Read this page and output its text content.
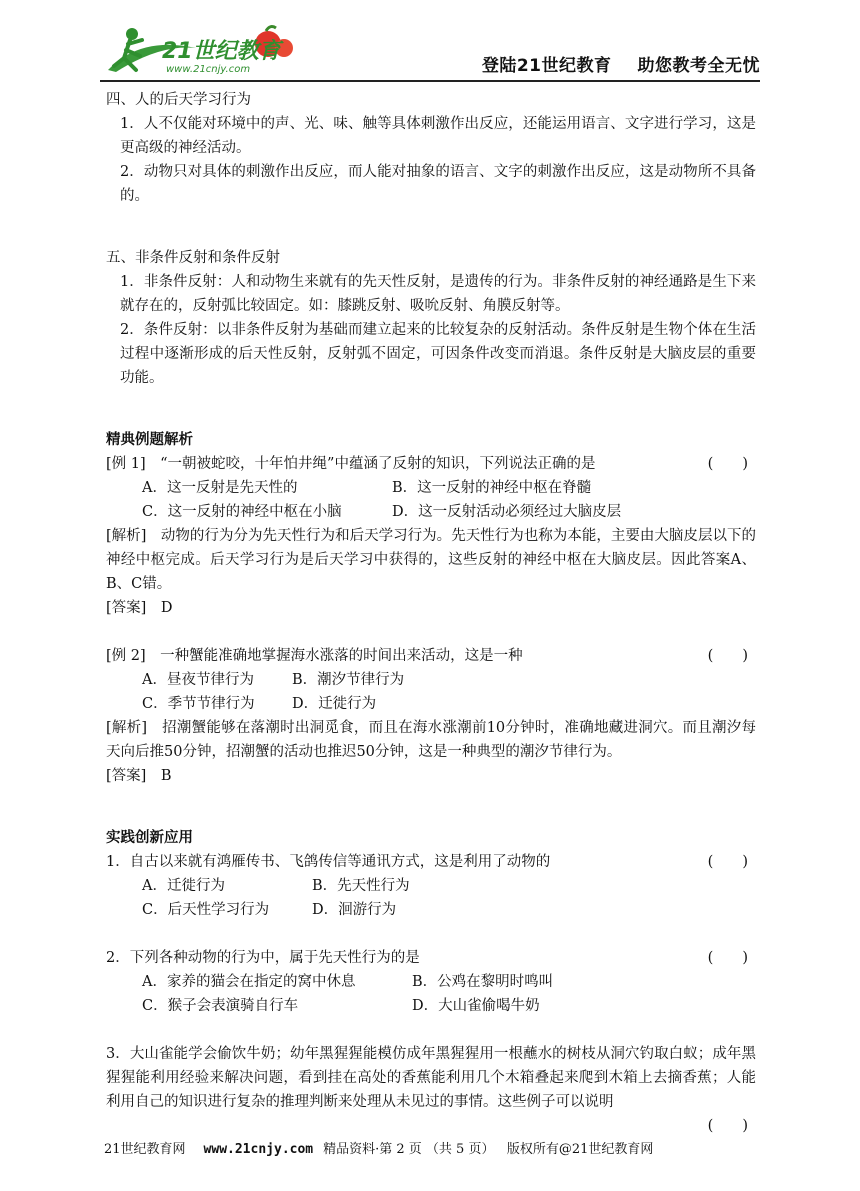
21世纪教育
www.21cnjy.com	登陆21世纪教育 助您教考全无忧
四、人的后天学习行为
1．人不仅能对环境中的声、光、味、触等具体刺激作出反应，还能运用语言、文字进行学习，这是更高级的神经活动。
2．动物只对具体的刺激作出反应，而人能对抽象的语言、文字的刺激作出反应，这是动物所不具备的。
五、非条件反射和条件反射
1．非条件反射：人和动物生来就有的先天性反射，是遗传的行为。非条件反射的神经通路是生下来就存在的，反射弧比较固定。如：膝跳反射、吸吮反射、角膜反射等。
2．条件反射：以非条件反射为基础而建立起来的比较复杂的反射活动。条件反射是生物个体在生活过程中逐渐形成的后天性反射，反射弧不固定，可因条件改变而消退。条件反射是大脑皮层的重要功能。
精典例题解析
[例 1]　“一朝被蛇咬，十年怕井绳”中蕴涵了反射的知识，下列说法正确的是	(　　)
A．这一反射是先天性的	B．这一反射的神经中枢在脊髓
C．这一反射的神经中枢在小脑	D．这一反射活动必须经过大脑皮层
[解析]　动物的行为分为先天性行为和后天学习行为。先天性行为也称为本能，主要由大脑皮层以下的神经中枢完成。后天学习行为是后天学习中获得的，这些反射的神经中枢在大脑皮层。因此答案A、B、C错。
[答案]　D
[例 2]　一种蟹能准确地掌握海水涨落的时间出来活动，这是一种	(　　)
A．昼夜节律行为	B．潮汐节律行为
C．季节节律行为	D．迁徙行为
[解析]　招潮蟹能够在落潮时出洞觅食，而且在海水涨潮前10分钟时，准确地藏进洞穴。而且潮汐每天向后推50分钟，招潮蟹的活动也推迟50分钟，这是一种典型的潮汐节律行为。
[答案]　B
实践创新应用
1．自古以来就有鸿雁传书、飞鸽传信等通讯方式，这是利用了动物的	(　　)
A．迁徙行为	B．先天性行为
C．后天性学习行为	D．洄游行为
2．下列各种动物的行为中，属于先天性行为的是	(　　)
A．家养的猫会在指定的窝中休息	B．公鸡在黎明时鸣叫
C．猴子会表演骑自行车	D．大山雀偷喝牛奶
3．大山雀能学会偷饮牛奶；幼年黑猩猩能模仿成年黑猩猩用一根蘸水的树枝从洞穴钓取白蚁；成年黑猩猩能利用经验来解决问题，看到挂在高处的香蕉能利用几个木箱叠起来爬到木箱上去摘香蕉；人能利用自己的知识进行复杂的推理判断来处理从未见过的事情。这些例子可以说明
(　　)
21世纪教育网 www.21cnjy.com 精品资料·第 2 页 （共 5 页） 版权所有@21世纪教育网
